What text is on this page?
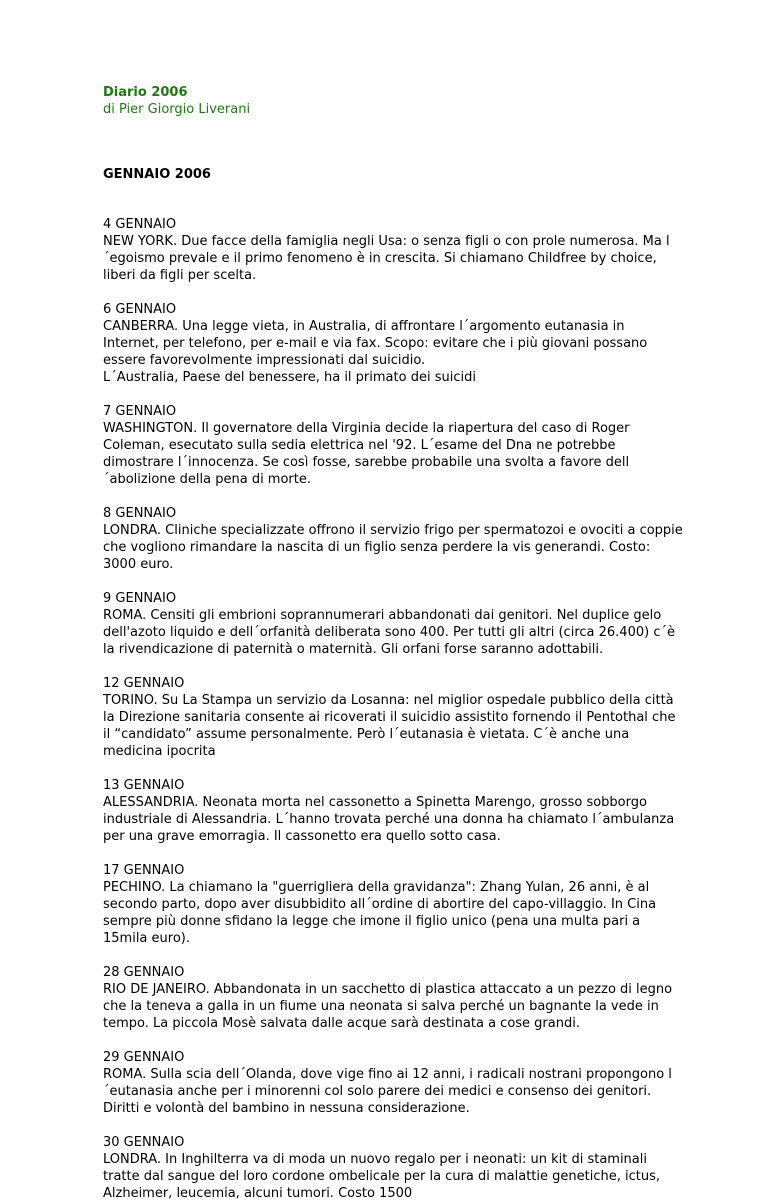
Diario 2006

di Pier Giorgio Liverani

GENNAIO 2006

4 GENNAIO

NEW YORK. Due facce della famiglia negli Usa: o senza figli o con prole numerosa. Ma l´egoismo prevale e il primo fenomeno è in crescita. Si chiamano Childfree by choice, liberi da figli per scelta.

6 GENNAIO

CANBERRA. Una legge vieta, in Australia, di affrontare l´argomento eutanasia in Internet, per telefono, per e-mail e via fax. Scopo: evitare che i più giovani possano essere favorevolmente impressionati dal suicidio.

L´Australia, Paese del benessere, ha il primato dei suicidi

7 GENNAIO

WASHINGTON. Il governatore della Virginia decide la riapertura del caso di Roger Coleman, esecutato sulla sedia elettrica nel '92. L´esame del Dna ne potrebbe dimostrare l´innocenza. Se così fosse, sarebbe probabile una svolta a favore dell´abolizione della pena di morte.

8 GENNAIO

LONDRA. Cliniche specializzate offrono il servizio frigo per spermatozoi e ovociti a coppie che vogliono rimandare la nascita di un figlio senza perdere la vis generandi. Costo: 3000 euro.

9 GENNAIO

ROMA. Censiti gli embrioni soprannumerari abbandonati dai genitori. Nel duplice gelo dell'azoto liquido e dell´orfanità deliberata sono 400. Per tutti gli altri (circa 26.400) c´è la rivendicazione di paternità o maternità. Gli orfani forse saranno adottabili.

12 GENNAIO

TORINO. Su La Stampa un servizio da Losanna: nel miglior ospedale pubblico della città la Direzione sanitaria consente ai ricoverati il suicidio assistito fornendo il Pentothal che il “candidato” assume personalmente. Però l´eutanasia è vietata. C´è anche una medicina ipocrita

13 GENNAIO

ALESSANDRIA. Neonata morta nel cassonetto a Spinetta Marengo, grosso sobborgo industriale di Alessandria. L´hanno trovata perché una donna ha chiamato l´ambulanza per una grave emorragia. Il cassonetto era quello sotto casa.

17 GENNAIO

PECHINO. La chiamano la "guerrigliera della gravidanza": Zhang Yulan, 26 anni, è al secondo parto, dopo aver disubbidito all´ordine di abortire del capo-villaggio. In Cina sempre più donne sfidano la legge che imone il figlio unico (pena una multa pari a 15mila euro).

28 GENNAIO

RIO DE JANEIRO. Abbandonata in un sacchetto di plastica attaccato a un pezzo di legno che la teneva a galla in un fiume una neonata si salva perché un bagnante la vede in tempo. La piccola Mosè salvata dalle acque sarà destinata a cose grandi.

29 GENNAIO

ROMA. Sulla scia dell´Olanda, dove vige fino ai 12 anni, i radicali nostrani propongono l´eutanasia anche per i minorenni col solo parere dei medici e consenso dei genitori. Diritti e volontà del bambino in nessuna considerazione.

30 GENNAIO

LONDRA. In Inghilterra va di moda un nuovo regalo per i neonati: un kit di staminali tratte dal sangue del loro cordone ombelicale per la cura di malattie genetiche, ictus, Alzheimer, leucemia, alcuni tumori. Costo 1500
